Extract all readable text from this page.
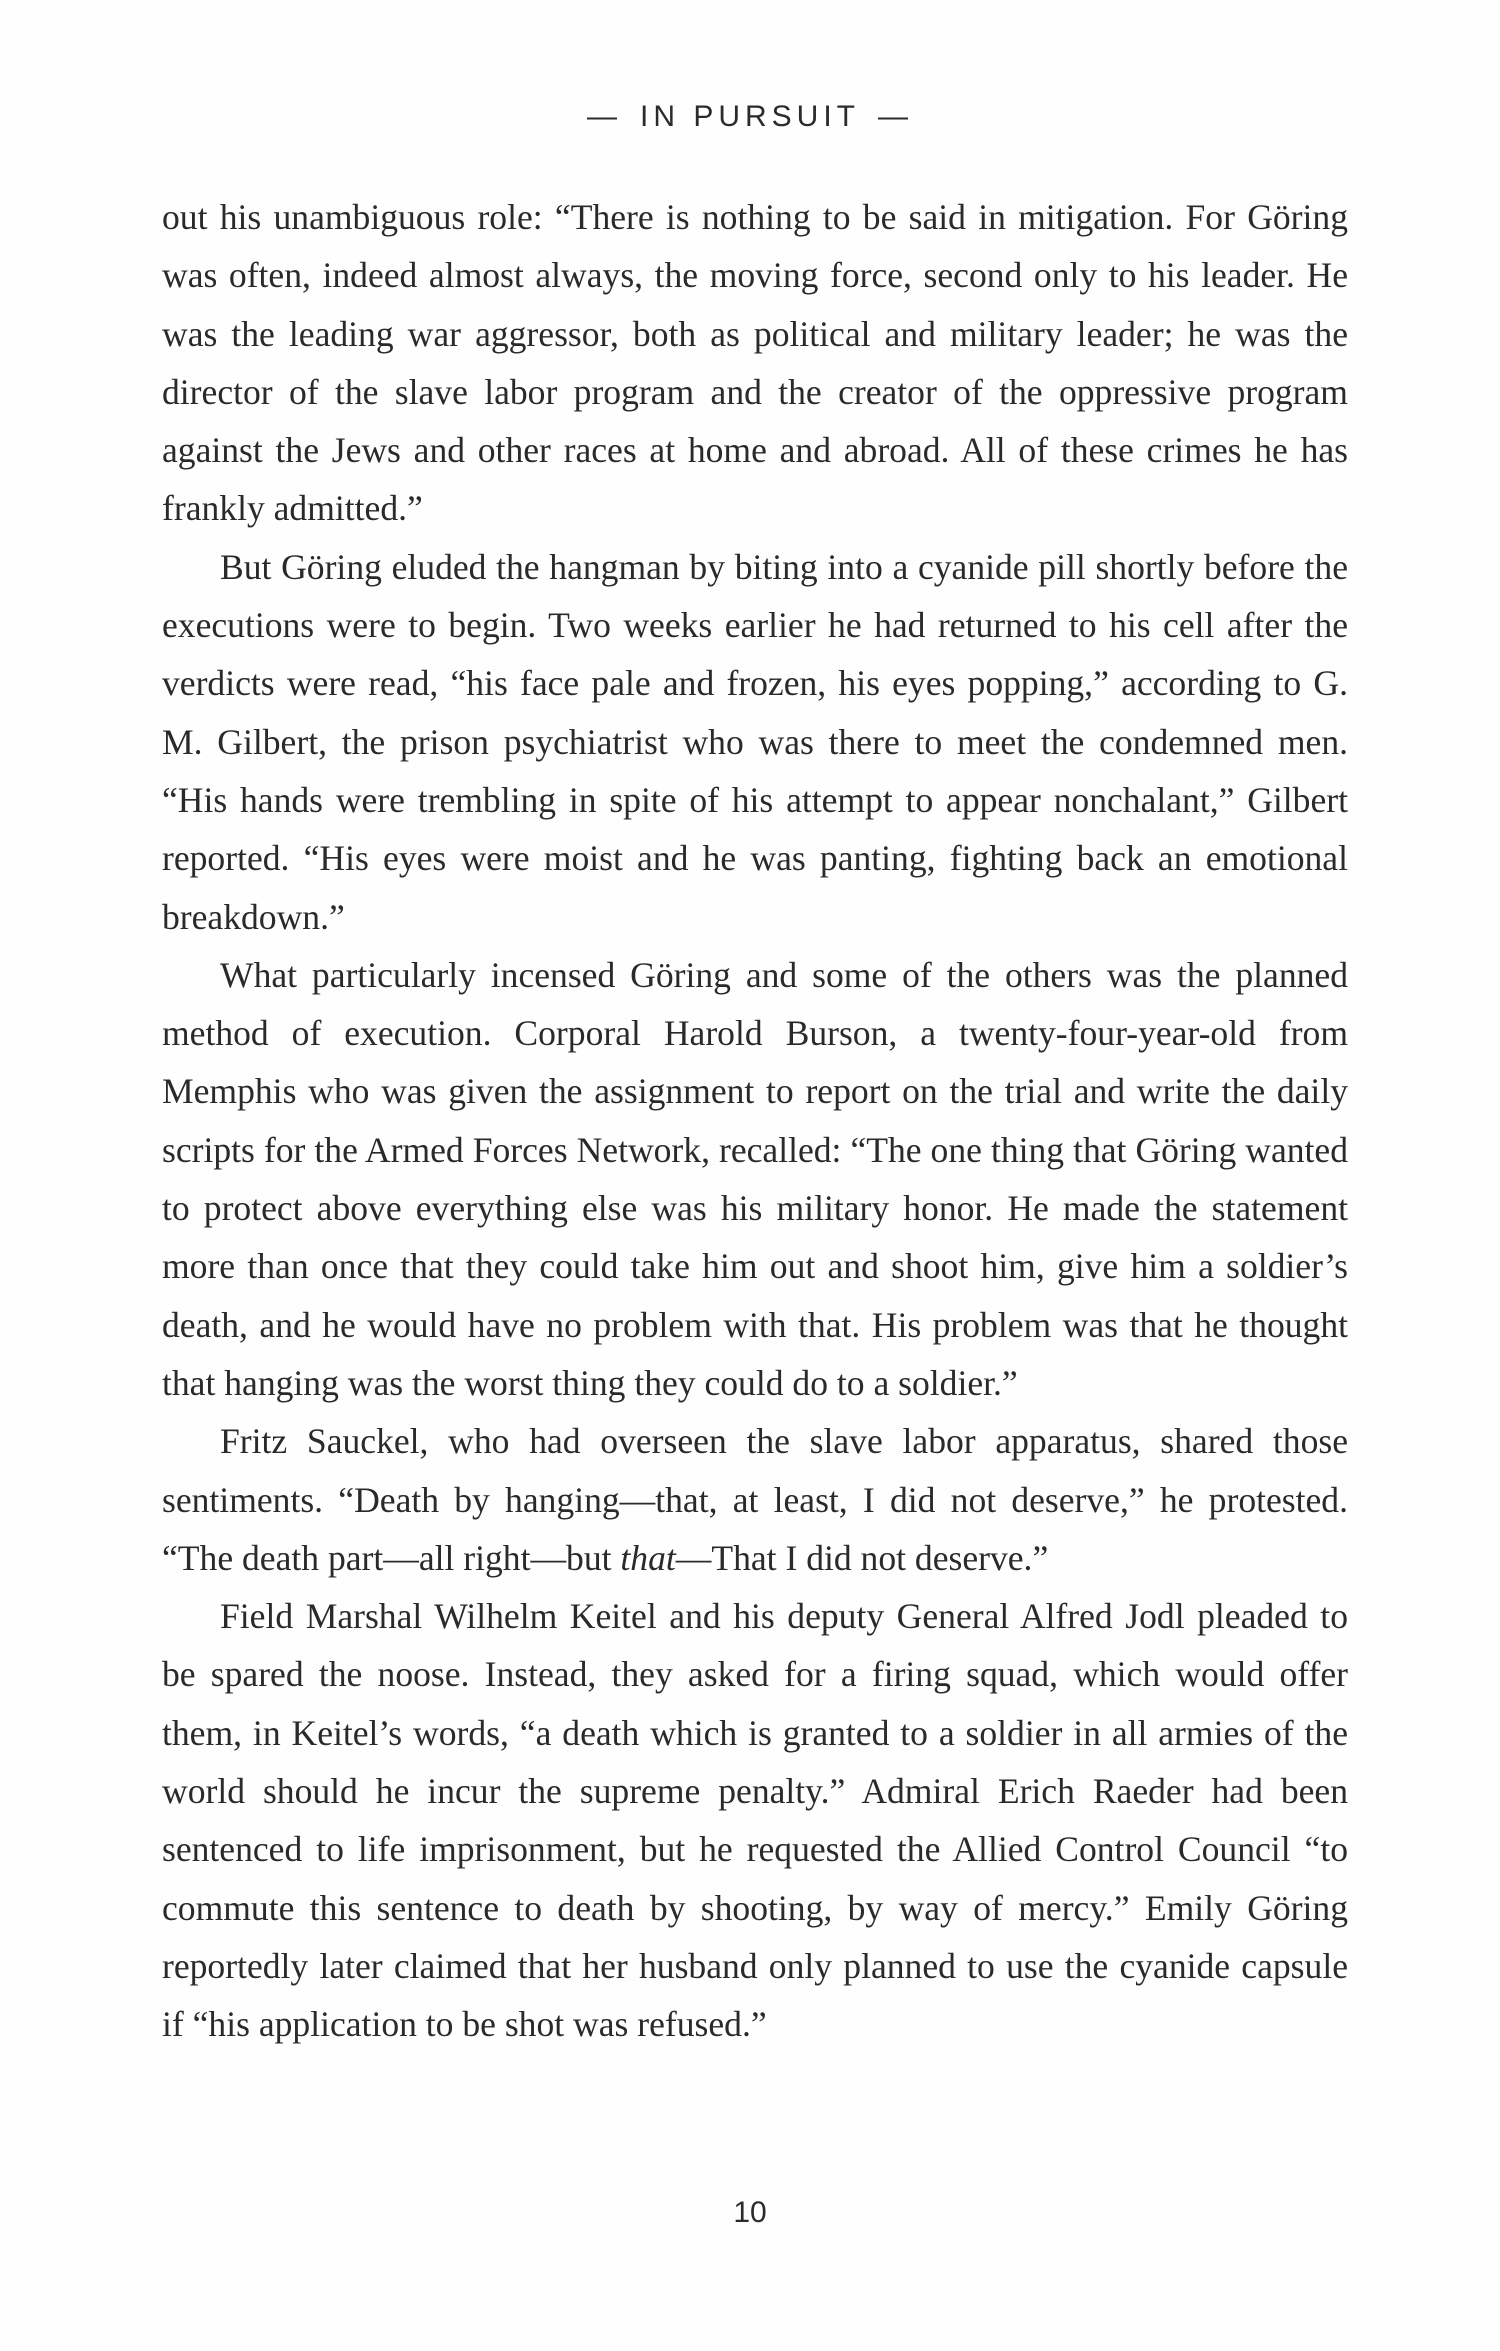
— IN PURSUIT —

out his unambiguous role: “There is nothing to be said in mitigation. For Göring was often, indeed almost always, the moving force, second only to his leader. He was the leading war aggressor, both as political and military leader; he was the director of the slave labor program and the creator of the oppressive program against the Jews and other races at home and abroad. All of these crimes he has frankly admitted.”

But Göring eluded the hangman by biting into a cyanide pill shortly before the executions were to begin. Two weeks earlier he had returned to his cell after the verdicts were read, “his face pale and frozen, his eyes popping,” according to G. M. Gilbert, the prison psychiatrist who was there to meet the condemned men. “His hands were trembling in spite of his attempt to appear nonchalant,” Gilbert reported. “His eyes were moist and he was panting, fighting back an emotional breakdown.”

What particularly incensed Göring and some of the others was the planned method of execution. Corporal Harold Burson, a twenty-four-year-old from Memphis who was given the assignment to report on the trial and write the daily scripts for the Armed Forces Network, recalled: “The one thing that Göring wanted to protect above everything else was his military honor. He made the statement more than once that they could take him out and shoot him, give him a soldier’s death, and he would have no problem with that. His problem was that he thought that hanging was the worst thing they could do to a soldier.”

Fritz Sauckel, who had overseen the slave labor apparatus, shared those sentiments. “Death by hanging—that, at least, I did not deserve,” he protested. “The death part—all right—but that—That I did not deserve.”

Field Marshal Wilhelm Keitel and his deputy General Alfred Jodl pleaded to be spared the noose. Instead, they asked for a firing squad, which would offer them, in Keitel’s words, “a death which is granted to a soldier in all armies of the world should he incur the supreme penalty.” Admiral Erich Raeder had been sentenced to life imprisonment, but he requested the Allied Control Council “to commute this sentence to death by shooting, by way of mercy.” Emily Göring reportedly later claimed that her husband only planned to use the cyanide capsule if “his application to be shot was refused.”

10
